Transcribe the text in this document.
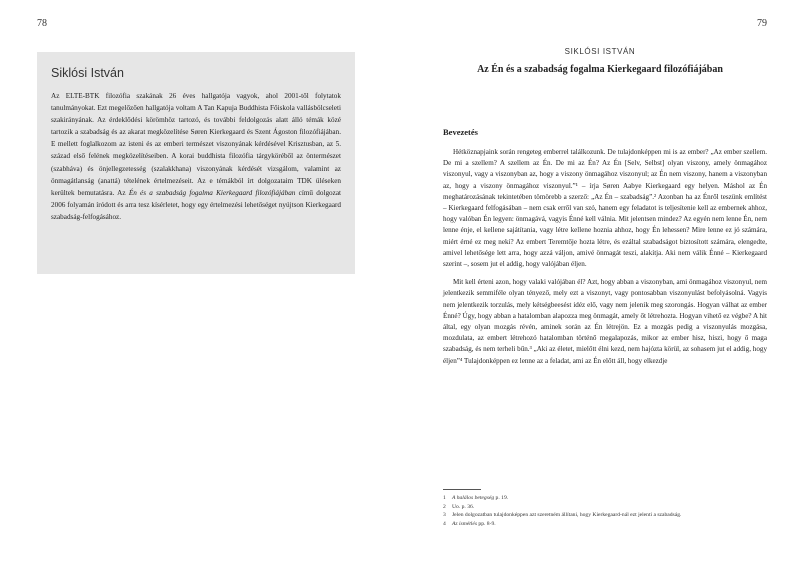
78
Siklósi István

Az ELTE-BTK filozófia szakának 26 éves hallgatója vagyok, ahol 2001-től folytatok tanulmányokat. Ezt megelőzően hallgatója voltam A Tan Kapuja Buddhista Főiskola vallásbölcseleti szakirányának. Az érdeklődési körömhöz tartozó, és további feldolgozás alatt álló témák közé tartozik a szabadság és az akarat megközelítése Søren Kierkegaard és Szent Ágoston filozófiájában. E mellett foglalkozom az isteni és az emberi természet viszonyának kérdésével Krisztusban, az 5. század első felének megközelítéseiben. A korai buddhista filozófia tárgyköréből az öntermészet (szabháva) és önjellegzetesség (szalakkhana) viszonyának kérdését vizsgálom, valamint az önmagátlanság (anattá) tételének értelmezéseit. Az e témákból írt dolgozataim TDK üléseken kerültek bemutatásra. Az Én és a szabadság fogalma Kierkegaard filozófiájában című dolgozat 2006 folyamán íródott és arra tesz kísérletet, hogy egy értelmezési lehetőséget nyújtson Kierkegaard szabadság-felfogásához.

79
SIKLÓSI ISTVÁN
Az Én és a szabadság fogalma Kierkegaard filozófiájában
Bevezetés

Hétköznapjaink során rengeteg emberrel találkozunk. De tulajdonképpen mi is az ember? „Az ember szellem. De mi a szellem? A szellem az Én. De mi az Én? Az Én [Selv, Selbst] olyan viszony, amely önmagához viszonyul, vagy a viszonyban az, hogy a viszony önmagához viszonyul; az Én nem viszony, hanem a viszonyban az, hogy a viszony önmagához viszonyul.”¹ – írja Søren Aabye Kierkegaard egy helyen. Máshol az Én meghatározásának tekintetében tömörebb a szerző: „Az Én – szabadság”.² Azonban ha az Énről teszünk említést – Kierkegaard felfogásában – nem csak erről van szó, hanem egy feladatot is teljesítenie kell az embernek ahhoz, hogy valóban Én legyen: önmagává, vagyis Énné kell válnia. Mit jelentsen mindez? Az egyén nem lenne Én, nem lenne énje, el kellene sajátítania, vagy létre kellene hoznia ahhoz, hogy Én lehessen? Mire lenne ez jó számára, miért érné ez meg neki? Az embert Teremtője hozta létre, és ezáltal szabadságot biztosított számára, elengedte, amivel lehetősége lett arra, hogy azzá váljon, amivé önmagát teszi, alakítja. Aki nem válik Énné – Kierkegaard szerint –, sosem jut el addig, hogy valójában éljen.

Mit kell érteni azon, hogy valaki valójában él? Azt, hogy abban a viszonyban, ami önmagához viszonyul, nem jelentkezik semmiféle olyan tényező, mely ezt a viszonyt, vagy pontosabban viszonyulást befolyásolná. Vagyis nem jelentkezik torzulás, mely kétségbeesést idéz elő, vagy nem jelenik meg szorongás. Hogyan válhat az ember Énné? Úgy, hogy abban a hatalomban alapozza meg önmagát, amely őt létrehozta. Hogyan vihető ez végbe? A hit által, egy olyan mozgás révén, aminek során az Én létrejön. Ez a mozgás pedig a viszonyulás mozgása, mozdulata, az embert létrehozó hatalomban történő megalapozás, mikor az ember hisz, hiszi, hogy ő maga szabadság, és nem terheli bűn.³ „Aki az életet, mielőtt élni kezd, nem hajózta körül, az sohasem jut el addig, hogy éljen”⁴ Tulajdonképpen ez lenne az a feladat, ami az Én előtt áll, hogy elkezdje

1 A halálos betegség p. 19.
2 Uo. p. 36.
3 Jelen dolgozatban tulajdonképpen azt szeretném állítani, hogy Kierkegaard-nál ezt jelenti a szabadság.
4 Az ismétlés pp. 8-9.
